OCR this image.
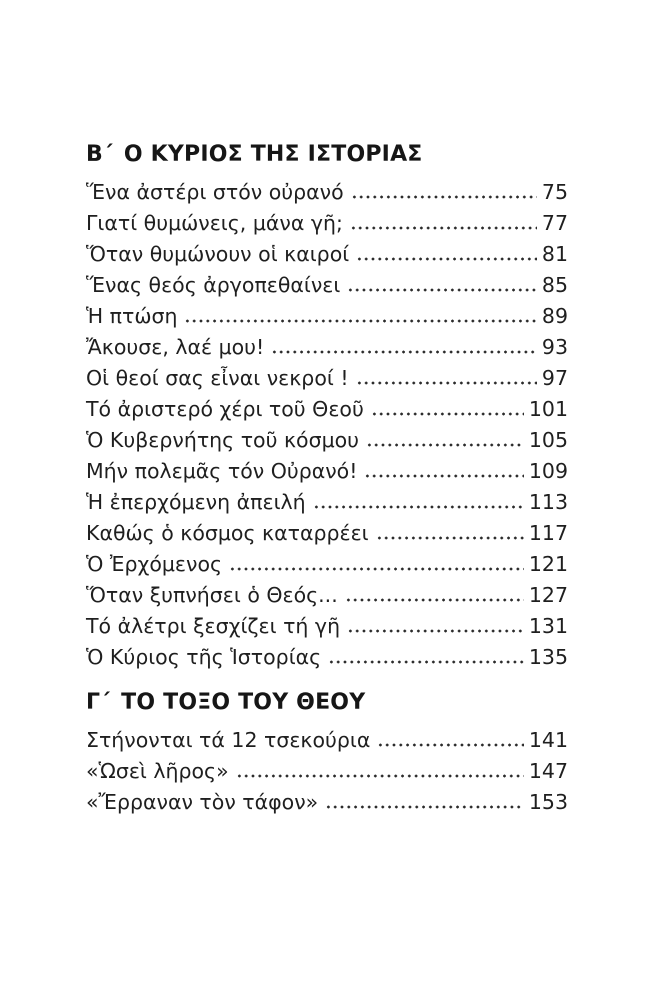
Β΄ Ο ΚΥΡΙΟΣ ΤΗΣ ΙΣΤΟΡΙΑΣ
Ἕνα ἀστέρι στόν οὐρανό	75
Γιατί θυμώνεις, μάνα γῆ;	77
Ὅταν θυμώνουν οἱ καιροί	81
Ἕνας θεός ἀργοπεθαίνει	85
Ἡ πτώση	89
Ἄκουσε, λαέ μου!	93
Οἱ θεοί σας εἶναι νεκροί !	97
Τό ἀριστερό χέρι τοῦ Θεοῦ	101
Ὁ Κυβερνήτης τοῦ κόσμου	105
Μήν πολεμᾶς τόν Οὐρανό!	109
Ἡ ἐπερχόμενη ἀπειλή	113
Καθώς ὁ κόσμος καταρρέει	117
Ὁ Ἐρχόμενος	121
Ὅταν ξυπνήσει ὁ Θεός...	127
Τό ἀλέτρι ξεσχίζει τή γῆ	131
Ὁ Κύριος τῆς Ἱστορίας	135
Γ΄ ΤΟ ΤΟΞΟ ΤΟΥ ΘΕΟΥ
Στήνονται τά 12 τσεκούρια	141
«Ὡσεὶ λῆρος»	147
«Ἔρραναν τὸν τάφον»	153
